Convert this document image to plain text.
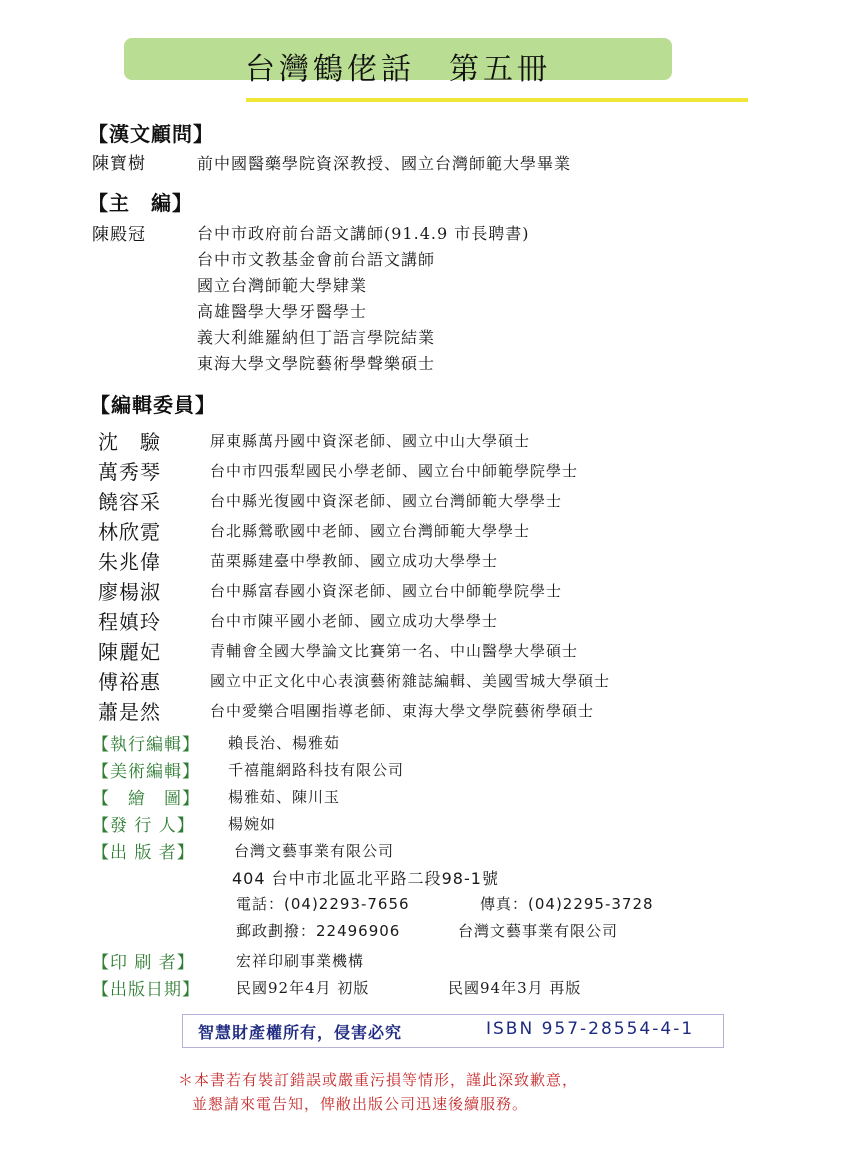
台灣鶴佬話　第五冊
【漢文顧問】
陳寶樹	前中國醫藥學院資深教授、國立台灣師範大學畢業
【主　編】
陳殿冠	台中市政府前台語文講師(91.4.9 市長聘書)
台中市文教基金會前台語文講師
國立台灣師範大學肄業
高雄醫學大學牙醫學士
義大利維羅納但丁語言學院結業
東海大學文學院藝術學聲樂碩士
【編輯委員】
沈　驗	屏東縣萬丹國中資深老師、國立中山大學碩士
萬秀琴	台中市四張犁國民小學老師、國立台中師範學院學士
饒容采	台中縣光復國中資深老師、國立台灣師範大學學士
林欣霓	台北縣鶯歌國中老師、國立台灣師範大學學士
朱兆偉	苗栗縣建臺中學教師、國立成功大學學士
廖楊淑	台中縣富春國小資深老師、國立台中師範學院學士
程嫃玲	台中市陳平國小老師、國立成功大學學士
陳麗妃	青輔會全國大學論文比賽第一名、中山醫學大學碩士
傅裕惠	國立中正文化中心表演藝術雜誌編輯、美國雪城大學碩士
蕭是然	台中愛樂合唱團指導老師、東海大學文學院藝術學碩士
【執行編輯】 賴長治、楊雅茹
【美術編輯】 千禧龍網路科技有限公司
【　繪　圖】 楊雅茹、陳川玉
【發 行 人】 楊婉如
【出 版 者】	台灣文藝事業有限公司
404 台中市北區北平路二段98-1號
電話：(04)2293-7656	傳真：(04)2295-3728
郵政劃撥：22496906	台灣文藝事業有限公司
【印 刷 者】	宏祥印刷事業機構
【出版日期】 民國92年4月 初版	民國94年3月 再版
智慧財產權所有，侵害必究	ISBN 957-28554-4-1
＊本書若有裝訂錯誤或嚴重污損等情形，謹此深致歉意，
並懇請來電告知，俾敝出版公司迅速後續服務。
